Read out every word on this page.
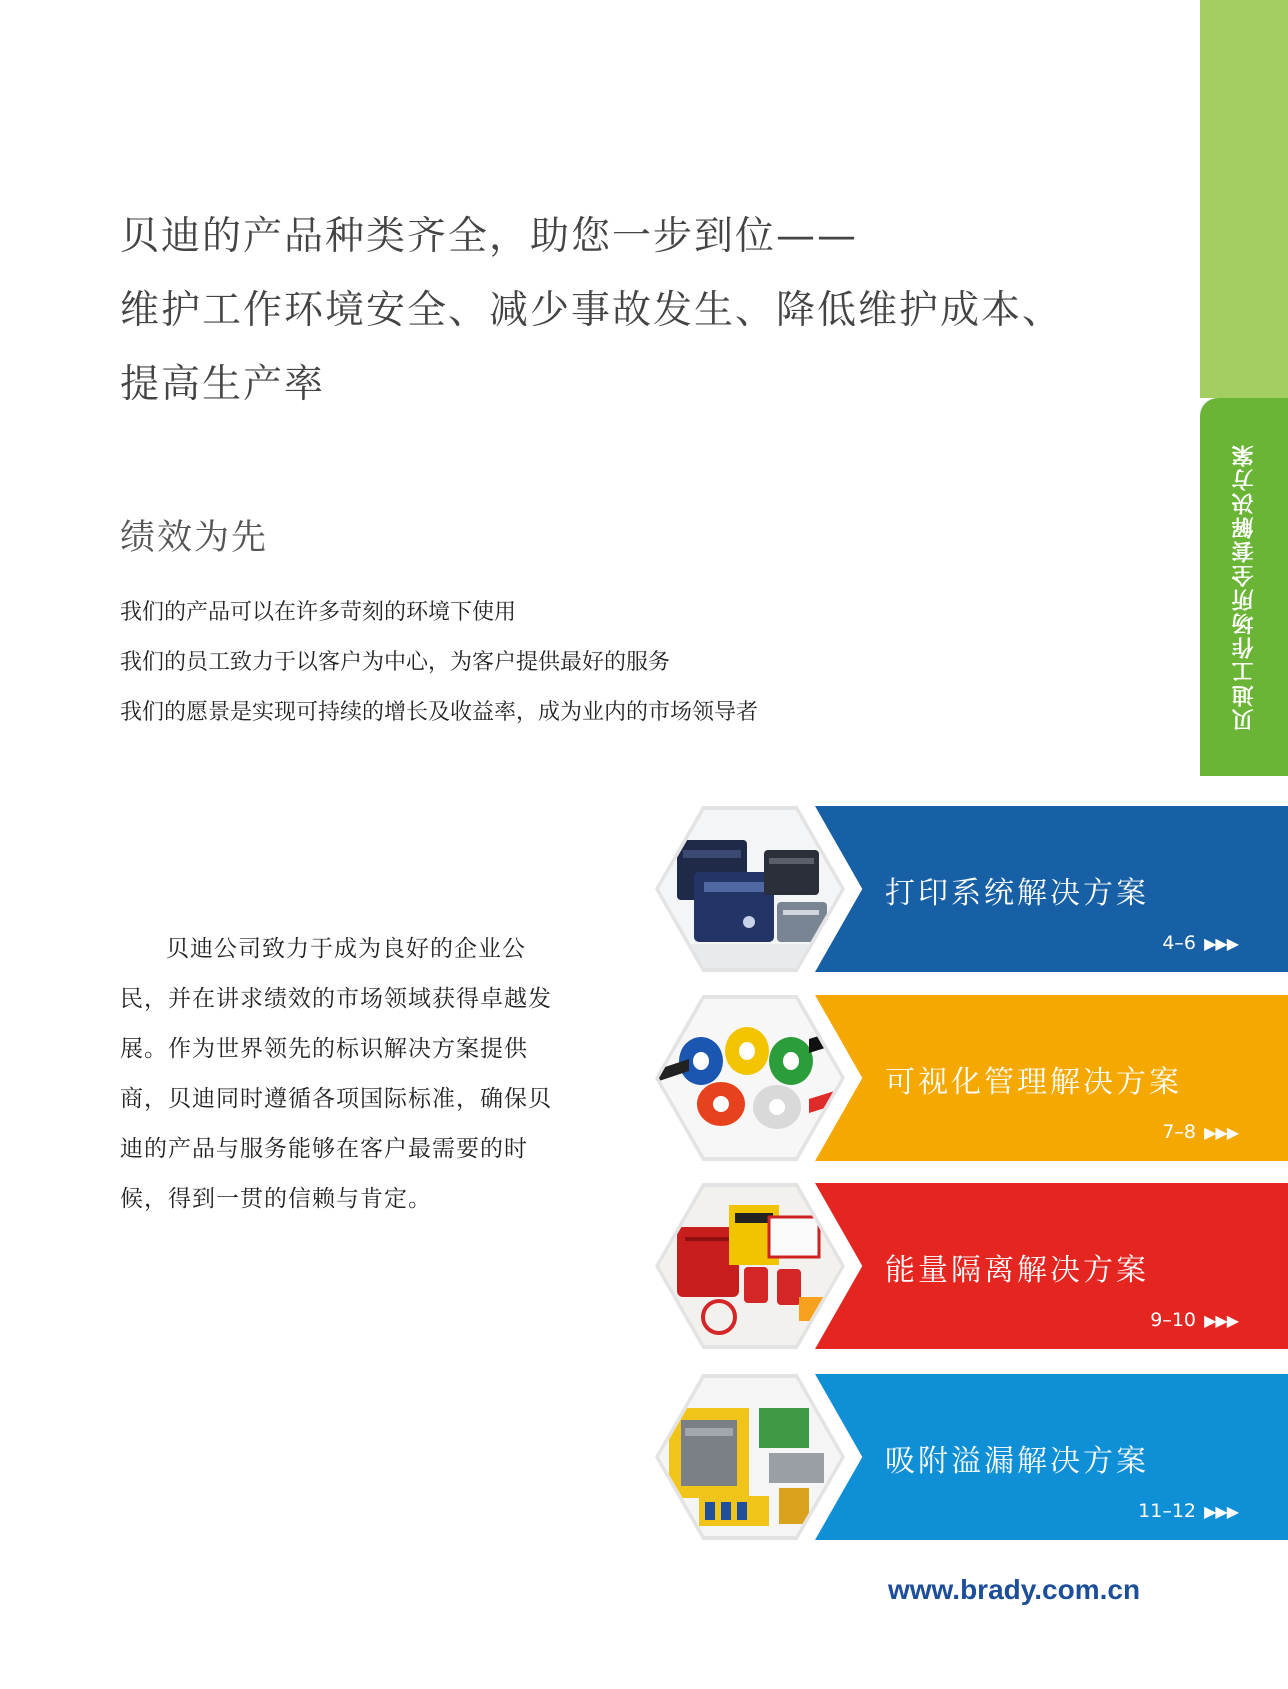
贝迪工作场所全套解决方案
贝迪的产品种类齐全，助您一步到位——
维护工作环境安全、减少事故发生、降低维护成本、
提高生产率
绩效为先
我们的产品可以在许多苛刻的环境下使用
我们的员工致力于以客户为中心，为客户提供最好的服务
我们的愿景是实现可持续的增长及收益率，成为业内的市场领导者
贝迪公司致力于成为良好的企业公民，并在讲求绩效的市场领域获得卓越发展。作为世界领先的标识解决方案提供商，贝迪同时遵循各项国际标准，确保贝迪的产品与服务能够在客户最需要的时候，得到一贯的信赖与肯定。
打印系统解决方案
4–6 ▶▶▶
可视化管理解决方案
7–8 ▶▶▶
能量隔离解决方案
9–10 ▶▶▶
吸附溢漏解决方案
11–12 ▶▶▶
www.brady.com.cn
